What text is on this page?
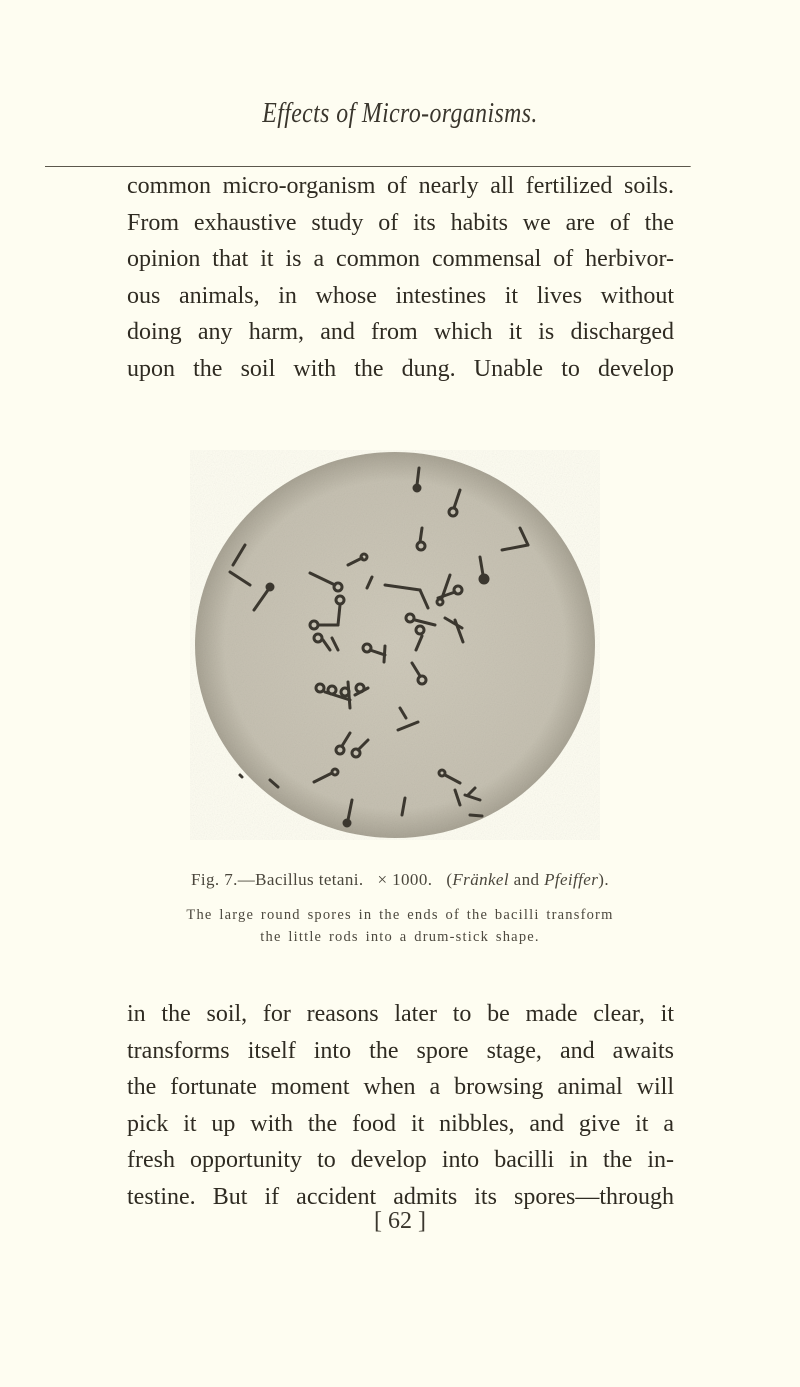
Effects of Micro-organisms.
common micro-organism of nearly all fertilized soils.
From exhaustive study of its habits we are of the
opinion that it is a common commensal of herbivor-
ous animals, in whose intestines it lives without
doing any harm, and from which it is discharged
upon the soil with the dung. Unable to develop
Fig. 7.—Bacillus tetani. × 1000. (Fränkel and Pfeiffer).
The large round spores in the ends of the bacilli transform
the little rods into a drum-stick shape.
in the soil, for reasons later to be made clear, it
transforms itself into the spore stage, and awaits
the fortunate moment when a browsing animal will
pick it up with the food it nibbles, and give it a
fresh opportunity to develop into bacilli in the in-
testine. But if accident admits its spores—through
[ 62 ]
